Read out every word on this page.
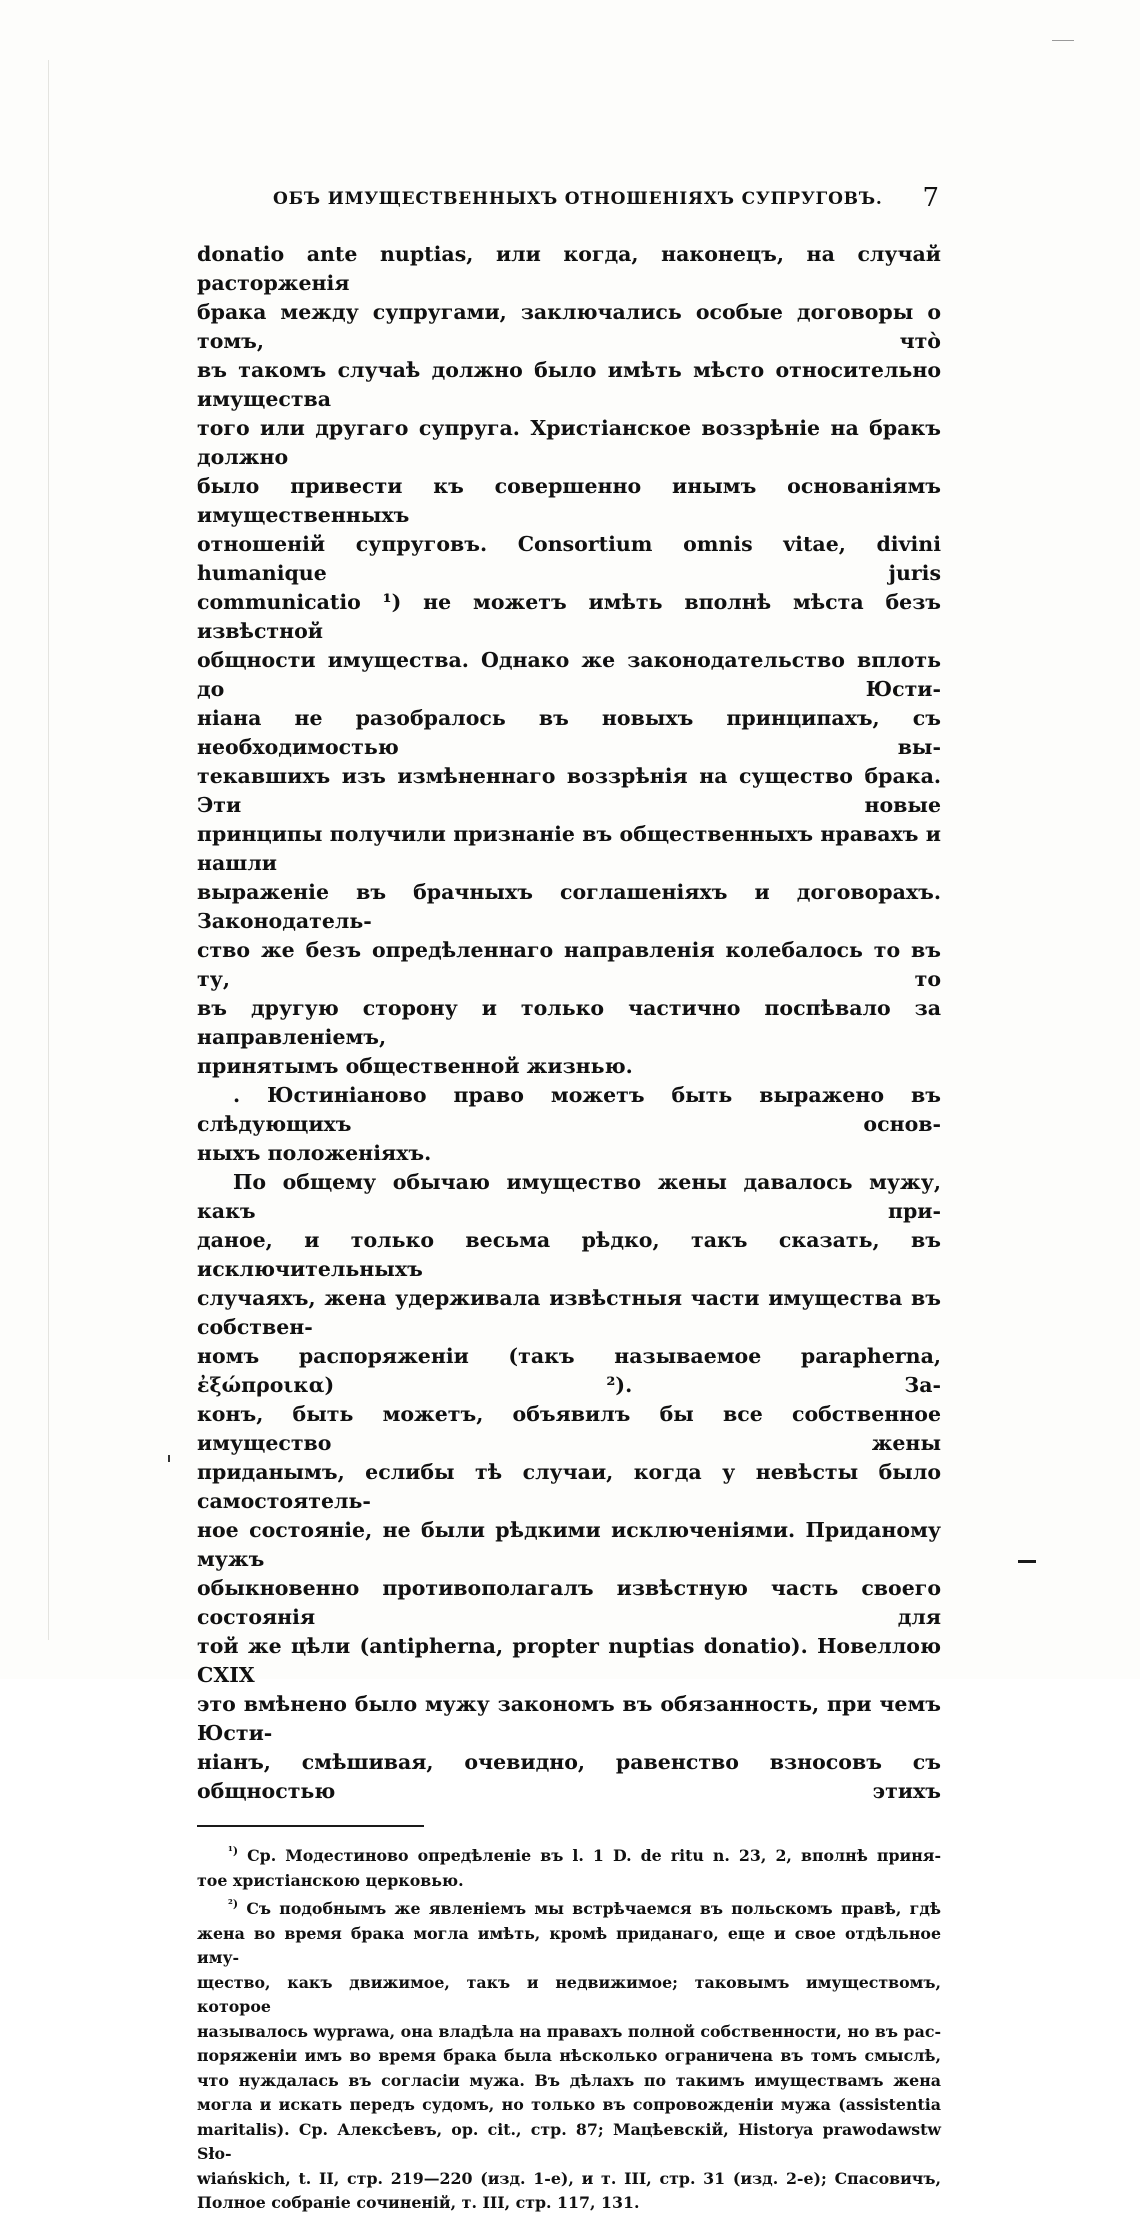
ОБЪ ИМУЩЕСТВЕННЫХЪ ОТНОШЕНІЯХЪ СУПРУГОВЪ. 7

donatio ante nuptias, или когда, наконецъ, на случай расторженія

брака между супругами, заключались особые договоры о томъ, что̀

въ такомъ случаѣ должно было имѣть мѣсто относительно имущества

того или другаго супруга. Христіанское воззрѣніе на бракъ должно

было привести къ совершенно инымъ основаніямъ имущественныхъ

отношеній супруговъ. Consortium omnis vitae, divini humanique juris

communicatio ¹) не можетъ имѣть вполнѣ мѣста безъ извѣстной

общности имущества. Однако же законодательство вплоть до Юсти-

ніана не разобралось въ новыхъ принципахъ, съ необходимостью вы-

текавшихъ изъ измѣненнаго воззрѣнія на существо брака. Эти новые

принципы получили признаніе въ общественныхъ нравахъ и нашли

выраженіе въ брачныхъ соглашеніяхъ и договорахъ. Законодатель-

ство же безъ опредѣленнаго направленія колебалось то въ ту, то

въ другую сторону и только частично поспѣвало за направленіемъ,

принятымъ общественной жизнью.

. Юстиніаново право можетъ быть выражено въ слѣдующихъ основ-

ныхъ положеніяхъ.

По общему обычаю имущество жены давалось мужу, какъ при-

даное, и только весьма рѣдко, такъ сказать, въ исключительныхъ

случаяхъ, жена удерживала извѣстныя части имущества въ собствен-

номъ распоряженіи (такъ называемое parapherna, ἐξώπροικα) ²). За-

конъ, быть можетъ, объявилъ бы все собственное имущество жены

приданымъ, еслибы тѣ случаи, когда у невѣсты было самостоятель-

ное состояніе, не были рѣдкими исключеніями. Приданому мужъ

обыкновенно противополагалъ извѣстную часть своего состоянія для

той же цѣли (antipherna, propter nuptias donatio). Новеллою CXIX

это вмѣнено было мужу закономъ въ обязанность, при чемъ Юсти-

ніанъ, смѣшивая, очевидно, равенство взносовъ съ общностью этихъ

$^{^1)}$ Ср. Модестиново опредѣленіе въ l. 1 D. de ritu n. 23, 2, вполнѣ приня-

тое христіанскою церковью.

$^{^2)}$ Съ подобнымъ же явленіемъ мы встрѣчаемся въ польскомъ правѣ, гдѣ

жена во время брака могла имѣть, кромѣ приданаго, еще и свое отдѣльное иму-

щество, какъ движимое, такъ и недвижимое; таковымъ имуществомъ, которое

называлось wyprawa, она владѣла на правахъ полной собственности, но въ рас-

поряженіи имъ во время брака была нѣсколько ограничена въ томъ смыслѣ,

что нуждалась въ согласіи мужа. Въ дѣлахъ по такимъ имуществамъ жена

могла и искать передъ судомъ, но только въ сопровожденіи мужа (assistentia

maritalis). Ср. Алексѣевъ, op. cit., стр. 87; Мацѣевскій, Historya prawodawstw Sło-

wiańskich, t. II, стр. 219—220 (изд. 1-е), и т. III, стр. 31 (изд. 2-е); Спасовичъ,

Полное собраніе сочиненій, т. III, стр. 117, 131.
